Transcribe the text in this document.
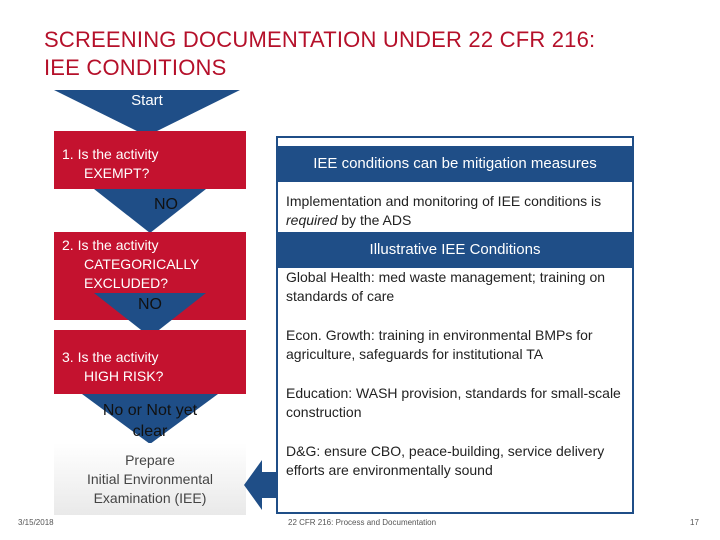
SCREENING DOCUMENTATION UNDER 22 CFR 216:
IEE CONDITIONS
Start
1. Is the activity
EXEMPT?
NO
2. Is the activity
CATEGORICALLY
EXCLUDED?
NO
3. Is the activity
HIGH RISK?
No or Not yet
clear
Prepare
Initial Environmental
Examination (IEE)
IEE conditions can be mitigation measures
Implementation and monitoring of IEE conditions is required by the ADS
Illustrative IEE Conditions
Global Health: med waste management; training on standards of care
Econ. Growth: training in environmental BMPs for agriculture, safeguards for institutional TA
Education: WASH provision, standards for small-scale construction
D&G: ensure CBO, peace-building, service delivery efforts are environmentally sound
3/15/2018	22 CFR 216: Process and Documentation	17
